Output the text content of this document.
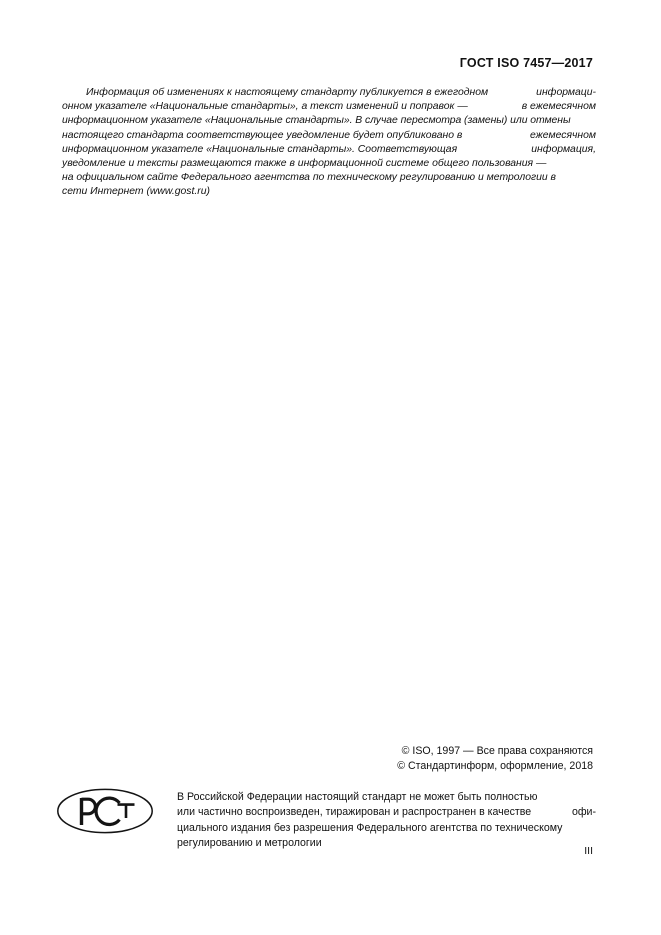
ГОСТ ISO 7457—2017
Информация об изменениях к настоящему стандарту публикуется в ежегодном	информаци-
онном указателе «Национальные стандарты», а текст изменений и поправок —	в ежемесячном
информационном указателе «Национальные стандарты». В случае пересмотра (замены) или отмены
настоящего стандарта соответствующее уведомление будет опубликовано в	ежемесячном
информационном указателе «Национальные стандарты». Соответствующая	информация,
уведомление и тексты размещаются также в информационной системе общего пользования —
на официальном сайте Федерального агентства по техническому регулированию и метрологии в
сети Интернет (www.gost.ru)
© ISO, 1997 — Все права сохраняются
© Стандартинформ, оформление, 2018
В Российской Федерации настоящий стандарт не может быть полностью
или частично воспроизведен, тиражирован и распространен в качестве	офи-
циального издания без разрешения Федерального агентства по техническому
регулированию и метрологии
III
